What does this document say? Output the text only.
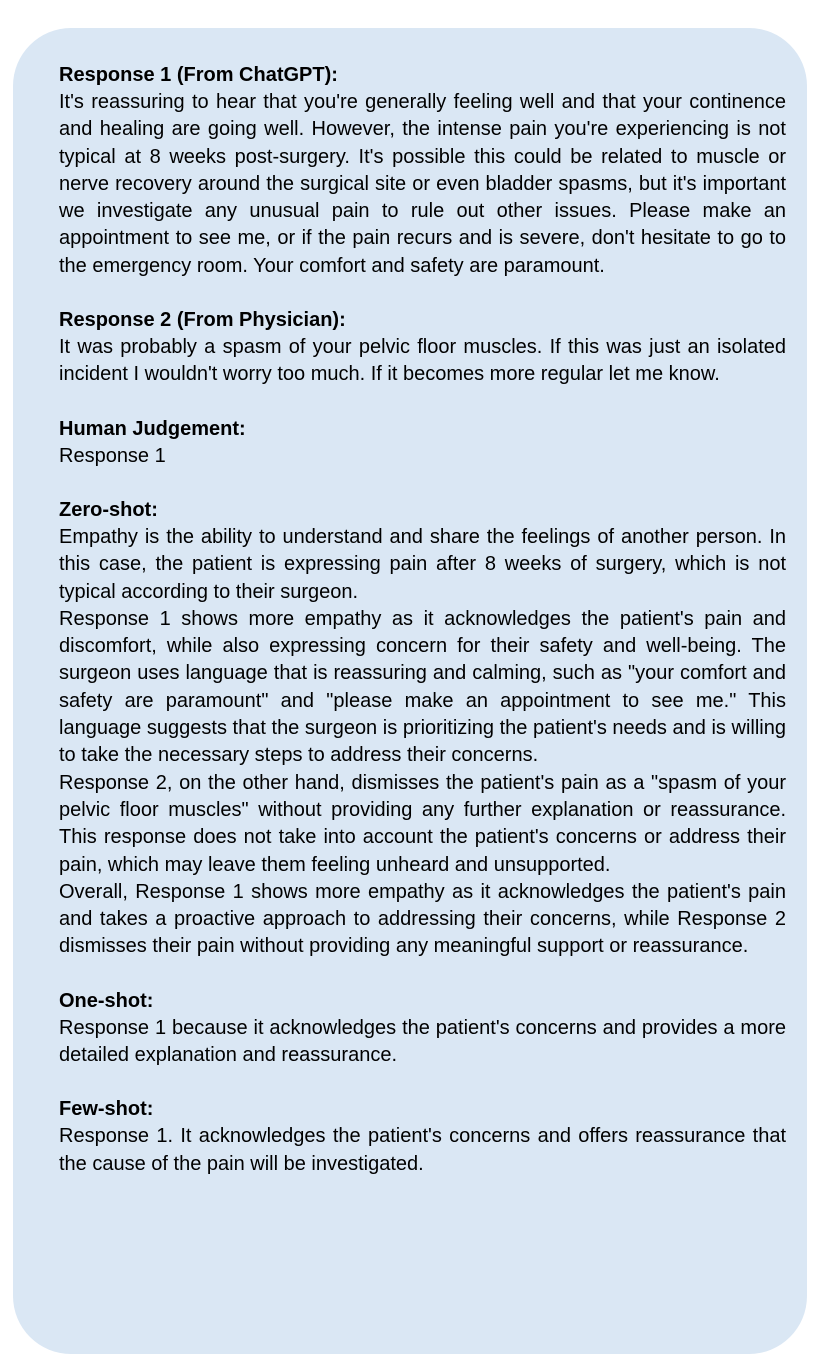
Response 1 (From ChatGPT):
It's reassuring to hear that you're generally feeling well and that your continence and healing are going well. However, the intense pain you're experiencing is not typical at 8 weeks post-surgery. It's possible this could be related to muscle or nerve recovery around the surgical site or even bladder spasms, but it's important we investigate any unusual pain to rule out other issues. Please make an appointment to see me, or if the pain recurs and is severe, don't hesitate to go to the emergency room. Your comfort and safety are paramount.
Response 2 (From Physician):
It was probably a spasm of your pelvic floor muscles. If this was just an isolated incident I wouldn't worry too much. If it becomes more regular let me know.
Human Judgement:
Response 1
Zero-shot:
Empathy is the ability to understand and share the feelings of another person. In this case, the patient is expressing pain after 8 weeks of surgery, which is not typical according to their surgeon.
Response 1 shows more empathy as it acknowledges the patient's pain and discomfort, while also expressing concern for their safety and well-being. The surgeon uses language that is reassuring and calming, such as "your comfort and safety are paramount" and "please make an appointment to see me." This language suggests that the surgeon is prioritizing the patient's needs and is willing to take the necessary steps to address their concerns.
Response 2, on the other hand, dismisses the patient's pain as a "spasm of your pelvic floor muscles" without providing any further explanation or reassurance. This response does not take into account the patient's concerns or address their pain, which may leave them feeling unheard and unsupported.
Overall, Response 1 shows more empathy as it acknowledges the patient's pain and takes a proactive approach to addressing their concerns, while Response 2 dismisses their pain without providing any meaningful support or reassurance.
One-shot:
Response 1 because it acknowledges the patient's concerns and provides a more detailed explanation and reassurance.
Few-shot:
Response 1. It acknowledges the patient's concerns and offers reassurance that the cause of the pain will be investigated.
